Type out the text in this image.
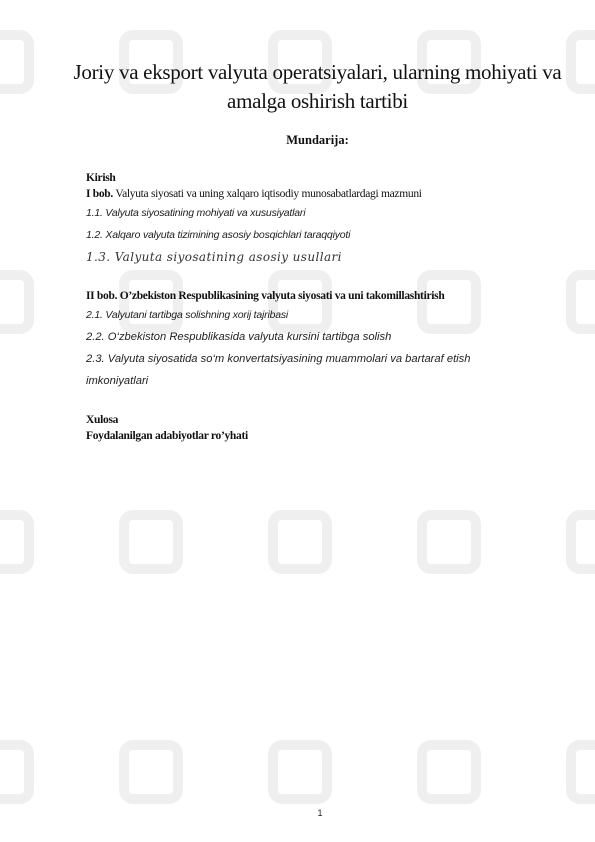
Joriy va eksport valyuta operatsiyalari, ularning mohiyati va amalga oshirish tartibi
Mundarija:
Kirish
I bob. Valyuta siyosati va uning xalqaro iqtisodiy munosabatlardagi mazmuni
1.1. Valyuta siyosatining mohiyati va xususiyatlari
1.2. Xalqaro valyuta tizimining asosiy bosqichlari taraqqiyoti
1.3. Valyuta siyosatining asosiy usullari
II bob. O’zbekiston Respublikasining valyuta siyosati va uni takomillashtirish
2.1. Valyutani tartibga solishning xorij tajribasi
2.2. O‘zbekiston Respublikasida valyuta kursini tartibga solish
2.3. Valyuta siyosatida so‘m konvertatsiyasining muammolari va bartaraf etish
imkoniyatlari
Xulosa
Foydalanilgan adabiyotlar ro’yhati
1
